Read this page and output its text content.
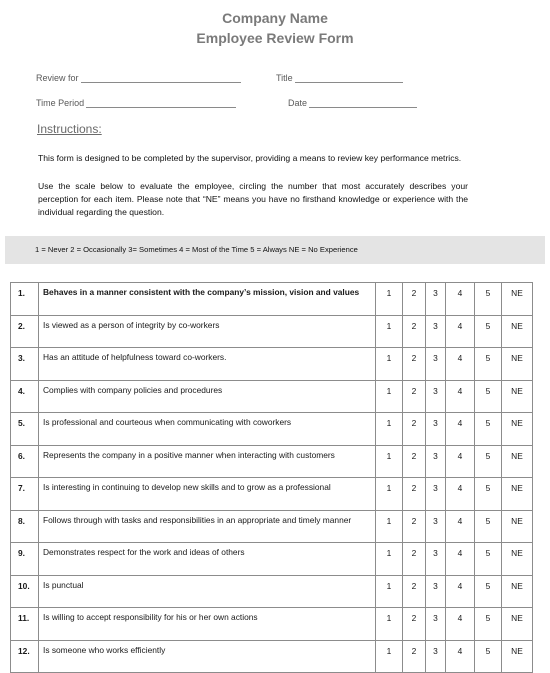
Company Name
Employee Review Form
Review for	Title
Time Period	Date
Instructions:
This form is designed to be completed by the supervisor, providing a means to review key performance metrics.
Use the scale below to evaluate the employee, circling the number that most accurately describes your perception for each item. Please note that “NE” means you have no firsthand knowledge or experience with the individual regarding the question.
1 = Never 2 = Occasionally 3= Sometimes 4 = Most of the Time 5 = Always NE = No Experience
1.	Behaves in a manner consistent with the company’s mission, vision and values	1	2	3	4	5	NE
2.	Is viewed as a person of integrity by co-workers	1	2	3	4	5	NE
3.	Has an attitude of helpfulness toward co-workers.	1	2	3	4	5	NE
4.	Complies with company policies and procedures	1	2	3	4	5	NE
5.	Is professional and courteous when communicating with coworkers	1	2	3	4	5	NE
6.	Represents the company in a positive manner when interacting with customers	1	2	3	4	5	NE
7.	Is interesting in continuing to develop new skills and to grow as a professional	1	2	3	4	5	NE
8.	Follows through with tasks and responsibilities in an appropriate and timely manner	1	2	3	4	5	NE
9.	Demonstrates respect for the work and ideas of others	1	2	3	4	5	NE
10.	Is punctual	1	2	3	4	5	NE
11.	Is willing to accept responsibility for his or her own actions	1	2	3	4	5	NE
12.	Is someone who works efficiently	1	2	3	4	5	NE
